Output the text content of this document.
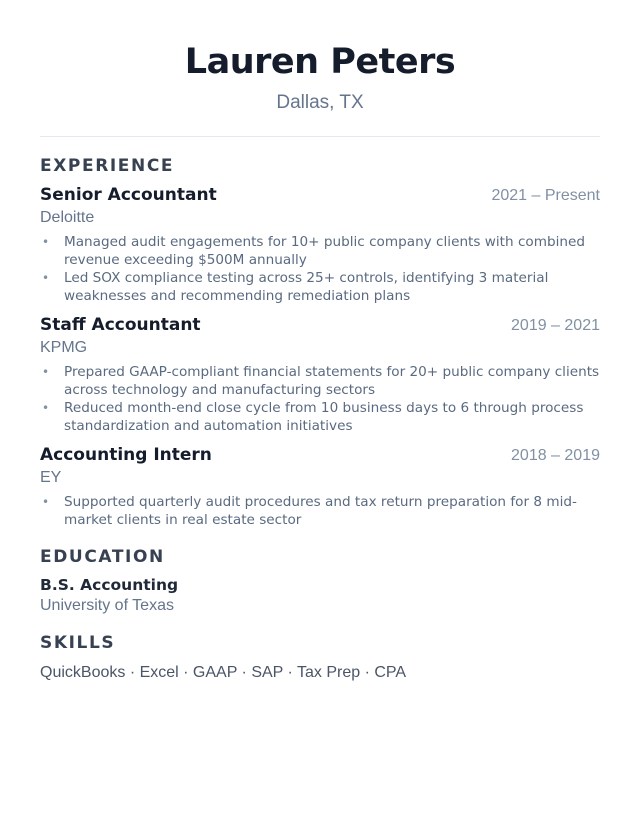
Lauren Peters
Dallas, TX
EXPERIENCE
Senior Accountant	2021 – Present
Deloitte
• Managed audit engagements for 10+ public company clients with combined revenue exceeding $500M annually
• Led SOX compliance testing across 25+ controls, identifying 3 material weaknesses and recommending remediation plans
Staff Accountant	2019 – 2021
KPMG
• Prepared GAAP-compliant financial statements for 20+ public company clients across technology and manufacturing sectors
• Reduced month-end close cycle from 10 business days to 6 through process standardization and automation initiatives
Accounting Intern	2018 – 2019
EY
• Supported quarterly audit procedures and tax return preparation for 8 mid-market clients in real estate sector
EDUCATION
B.S. Accounting
University of Texas
SKILLS
QuickBooks · Excel · GAAP · SAP · Tax Prep · CPA
